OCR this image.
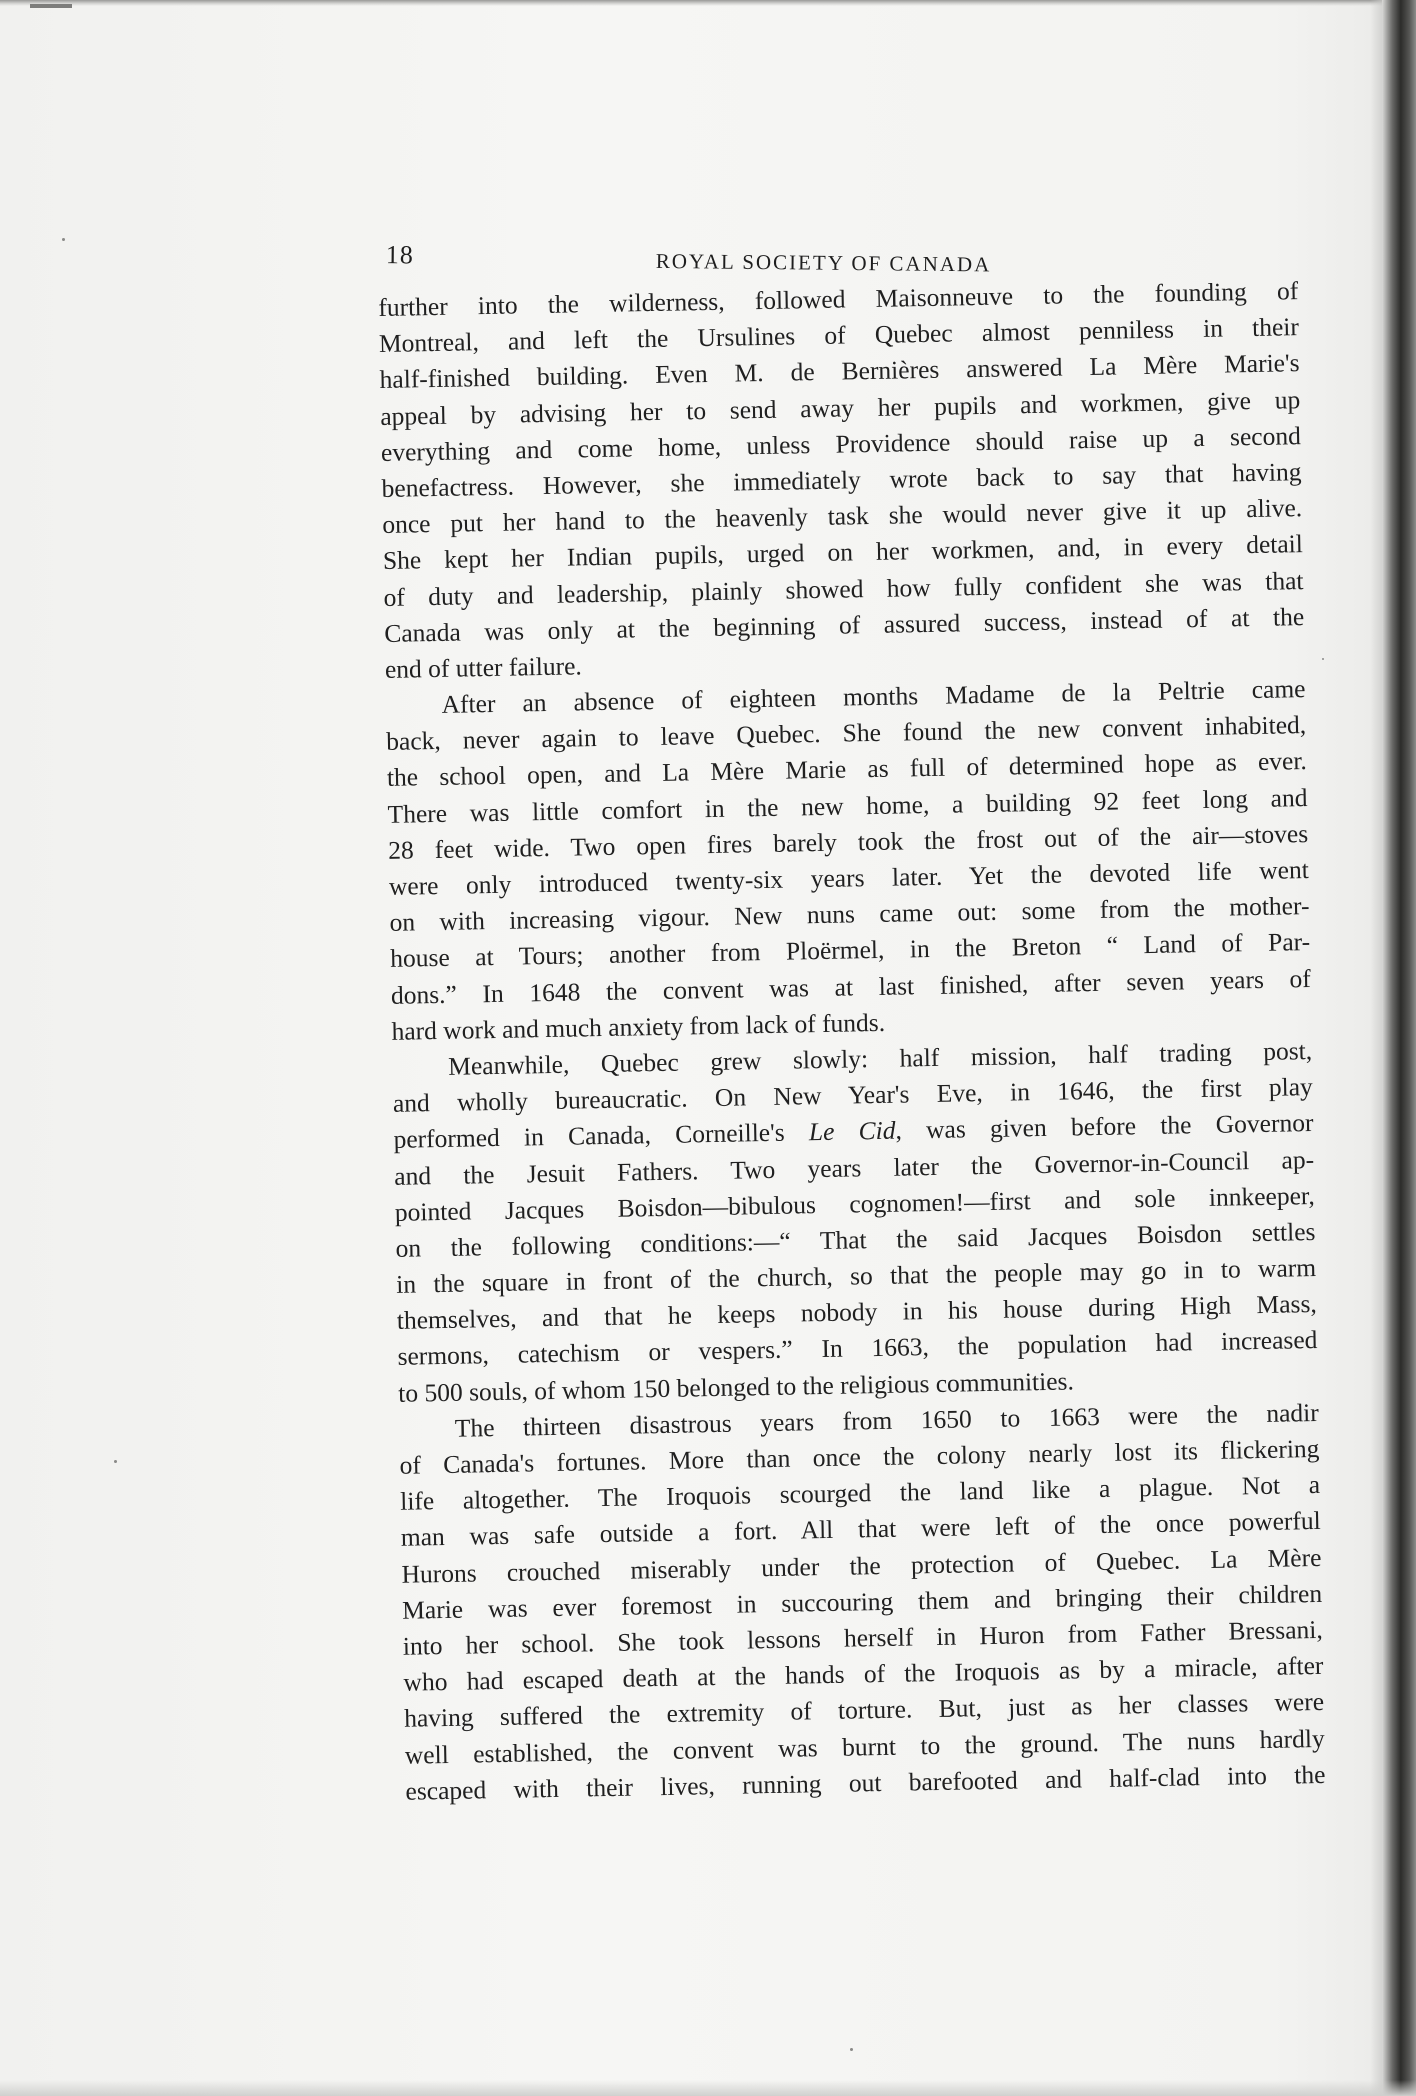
18	ROYAL SOCIETY OF CANADA
further into the wilderness, followed Maisonneuve to the founding of
Montreal, and left the Ursulines of Quebec almost penniless in their
half-finished building. Even M. de Bernières answered La Mère Marie's
appeal by advising her to send away her pupils and workmen, give up
everything and come home, unless Providence should raise up a second
benefactress. However, she immediately wrote back to say that having
once put her hand to the heavenly task she would never give it up alive.
She kept her Indian pupils, urged on her workmen, and, in every detail
of duty and leadership, plainly showed how fully confident she was that
Canada was only at the beginning of assured success, instead of at the
end of utter failure.
After an absence of eighteen months Madame de la Peltrie came
back, never again to leave Quebec. She found the new convent inhabited,
the school open, and La Mère Marie as full of determined hope as ever.
There was little comfort in the new home, a building 92 feet long and
28 feet wide. Two open fires barely took the frost out of the air—stoves
were only introduced twenty-six years later. Yet the devoted life went
on with increasing vigour. New nuns came out: some from the mother-
house at Tours; another from Ploërmel, in the Breton “ Land of Par-
dons.” In 1648 the convent was at last finished, after seven years of
hard work and much anxiety from lack of funds.
Meanwhile, Quebec grew slowly: half mission, half trading post,
and wholly bureaucratic. On New Year's Eve, in 1646, the first play
performed in Canada, Corneille's Le Cid, was given before the Governor
and the Jesuit Fathers. Two years later the Governor-in-Council ap-
pointed Jacques Boisdon—bibulous cognomen!—first and sole innkeeper,
on the following conditions:—“ That the said Jacques Boisdon settles
in the square in front of the church, so that the people may go in to warm
themselves, and that he keeps nobody in his house during High Mass,
sermons, catechism or vespers.” In 1663, the population had increased
to 500 souls, of whom 150 belonged to the religious communities.
The thirteen disastrous years from 1650 to 1663 were the nadir
of Canada's fortunes. More than once the colony nearly lost its flickering
life altogether. The Iroquois scourged the land like a plague. Not a
man was safe outside a fort. All that were left of the once powerful
Hurons crouched miserably under the protection of Quebec. La Mère
Marie was ever foremost in succouring them and bringing their children
into her school. She took lessons herself in Huron from Father Bressani,
who had escaped death at the hands of the Iroquois as by a miracle, after
having suffered the extremity of torture. But, just as her classes were
well established, the convent was burnt to the ground. The nuns hardly
escaped with their lives, running out barefooted and half-clad into the
